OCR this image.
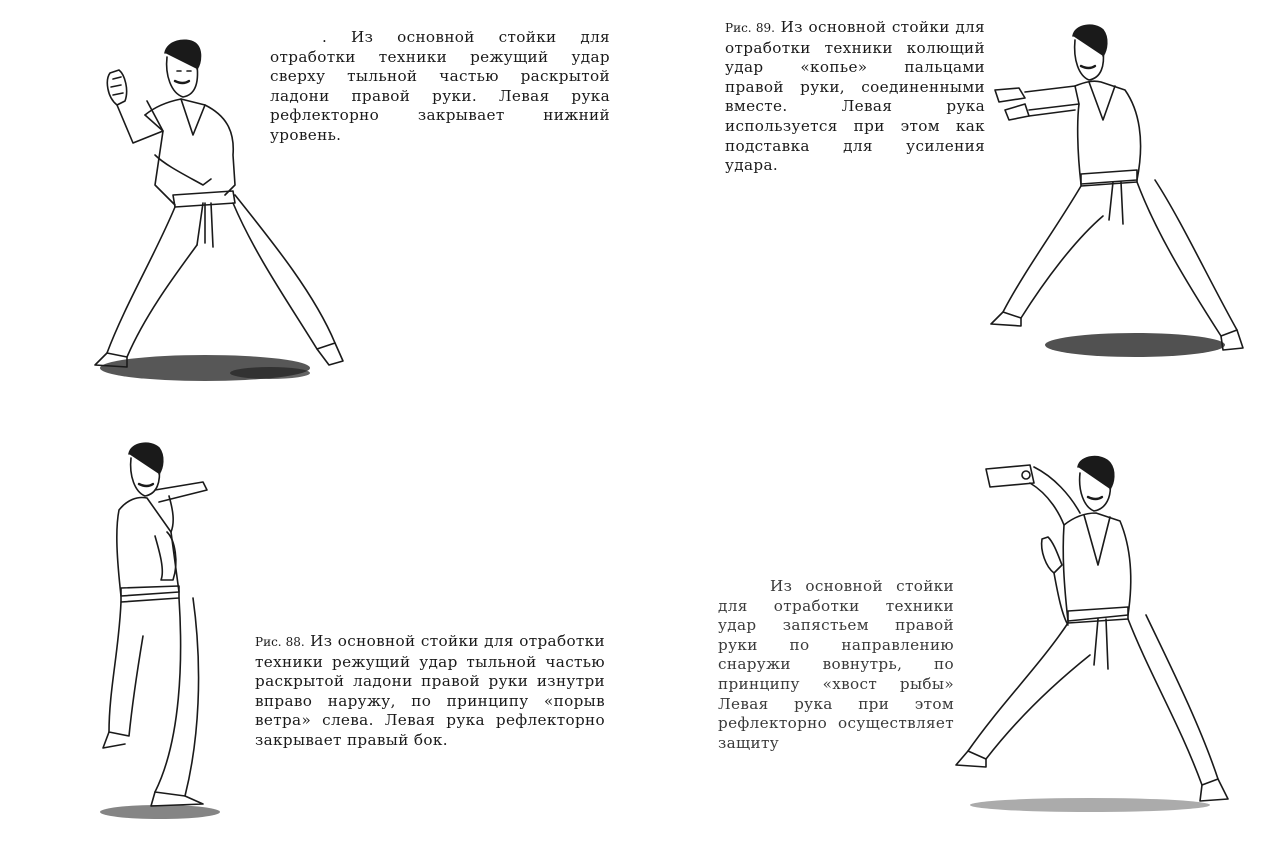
. Из основной стойки для отработки техники режущий удар сверху тыльной частью раскрытой ладони правой руки. Левая рука рефлекторно закрывает нижний уровень.
Рис. 89. Из основной стойки для отработки техники колющий удар «копье» пальцами правой руки, соединенными вместе. Левая рука используется при этом как подставка для усиления удара.
Рис. 88. Из основной стойки для отработки техники режущий удар тыльной частью раскрытой ладони правой руки изнутри вправо наружу, по принципу «порыв ветра» слева. Левая рука рефлекторно закрывает правый бок.
Из основной стойки для отработки техники удар запястьем правой руки по направлению снаружи вовнутрь, по принципу «хвост рыбы» Левая рука при этом рефлекторно осуществляет защиту
